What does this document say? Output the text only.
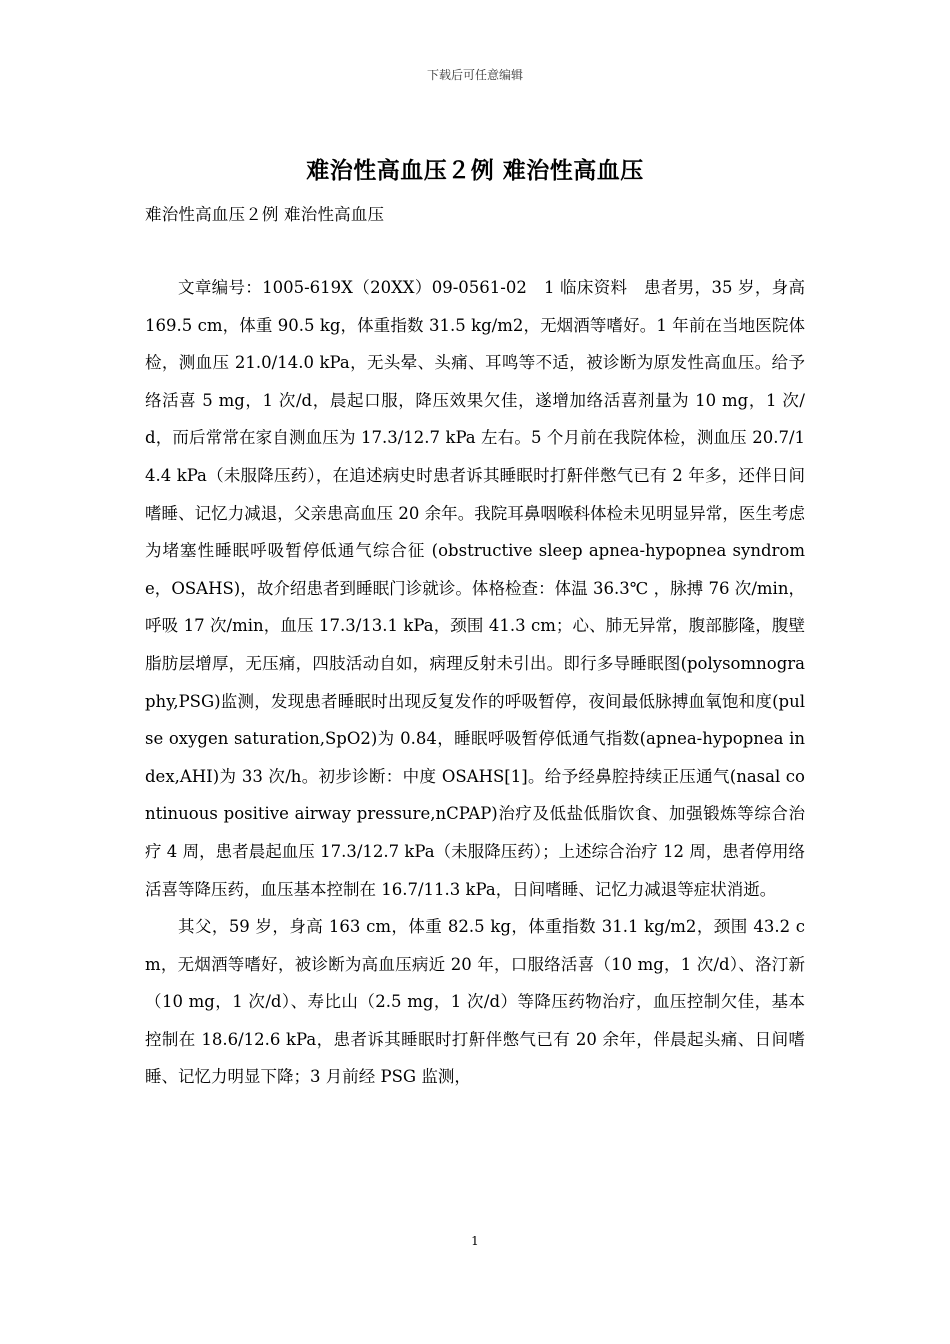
下载后可任意编辑
难治性高血压２例 难治性高血压
难治性高血压２例 难治性高血压

文章编号：1005-619X（20XX）09-0561-02　1 临床资料　患者男，35 岁，身高 169.5 cm，体重 90.5 kg，体重指数 31.5 kg/m2，无烟酒等嗜好。1 年前在当地医院体检，测血压 21.0/14.0 kPa，无头晕、头痛、耳鸣等不适，被诊断为原发性高血压。给予络活喜 5 mg，1 次/d，晨起口服，降压效果欠佳，遂增加络活喜剂量为 10 mg，1 次/d，而后常常在家自测血压为 17.3/12.7 kPa 左右。5 个月前在我院体检，测血压 20.7/14.4 kPa（未服降压药），在追述病史时患者诉其睡眠时打鼾伴憋气已有 2 年多，还伴日间嗜睡、记忆力减退，父亲患高血压 20 余年。我院耳鼻咽喉科体检未见明显异常，医生考虑为堵塞性睡眠呼吸暂停低通气综合征 (obstructive sleep apnea-hypopnea syndrome，OSAHS)，故介绍患者到睡眠门诊就诊。体格检查：体温 36.3℃ ，脉搏 76 次/min，呼吸 17 次/min，血压 17.3/13.1 kPa，颈围 41.3 cm；心、肺无异常，腹部膨隆，腹壁脂肪层增厚，无压痛，四肢活动自如，病理反射未引出。即行多导睡眠图(polysomnography,PSG)监测，发现患者睡眠时出现反复发作的呼吸暂停，夜间最低脉搏血氧饱和度(pulse oxygen saturation,SpO2)为 0.84，睡眠呼吸暂停低通气指数(apnea-hypopnea index,AHI)为 33 次/h。初步诊断：中度 OSAHS[1]。给予经鼻腔持续正压通气(nasal continuous positive airway pressure,nCPAP)治疗及低盐低脂饮食、加强锻炼等综合治疗 4 周，患者晨起血压 17.3/12.7 kPa（未服降压药）；上述综合治疗 12 周，患者停用络活喜等降压药，血压基本控制在 16.7/11.3 kPa，日间嗜睡、记忆力减退等症状消逝。

其父，59 岁，身高 163 cm，体重 82.5 kg，体重指数 31.1 kg/m2，颈围 43.2 cm，无烟酒等嗜好，被诊断为高血压病近 20 年，口服络活喜（10 mg，1 次/d）、洛汀新（10 mg，1 次/d）、寿比山（2.5 mg，1 次/d）等降压药物治疗，血压控制欠佳，基本控制在 18.6/12.6 kPa，患者诉其睡眠时打鼾伴憋气已有 20 余年，伴晨起头痛、日间嗜睡、记忆力明显下降；3 月前经 PSG 监测，

1
